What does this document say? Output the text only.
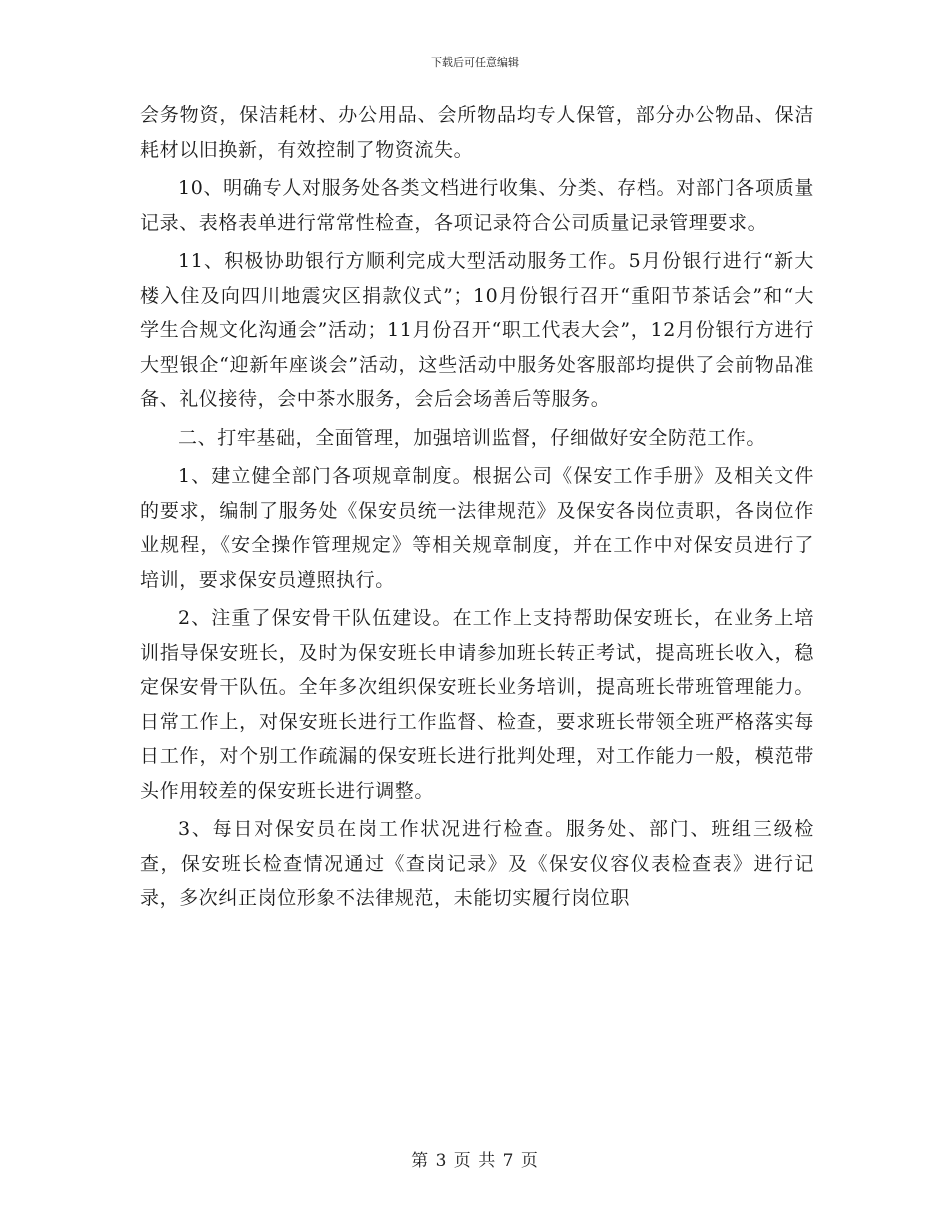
下载后可任意编辑

会务物资，保洁耗材、办公用品、会所物品均专人保管，部分办公物品、保洁耗材以旧换新，有效控制了物资流失。

10、明确专人对服务处各类文档进行收集、分类、存档。对部门各项质量记录、表格表单进行常常性检查，各项记录符合公司质量记录管理要求。

11、积极协助银行方顺利完成大型活动服务工作。5月份银行进行“新大楼入住及向四川地震灾区捐款仪式”；10月份银行召开“重阳节茶话会”和“大学生合规文化沟通会”活动；11月份召开“职工代表大会”，12月份银行方进行大型银企“迎新年座谈会”活动，这些活动中服务处客服部均提供了会前物品准备、礼仪接待，会中茶水服务，会后会场善后等服务。

二、打牢基础，全面管理，加强培训监督，仔细做好安全防范工作。

1、建立健全部门各项规章制度。根据公司《保安工作手册》及相关文件的要求，编制了服务处《保安员统一法律规范》及保安各岗位责职，各岗位作业规程，《安全操作管理规定》等相关规章制度，并在工作中对保安员进行了培训，要求保安员遵照执行。

2、注重了保安骨干队伍建设。在工作上支持帮助保安班长，在业务上培训指导保安班长，及时为保安班长申请参加班长转正考试，提高班长收入，稳定保安骨干队伍。全年多次组织保安班长业务培训，提高班长带班管理能力。日常工作上，对保安班长进行工作监督、检查，要求班长带领全班严格落实每日工作，对个别工作疏漏的保安班长进行批判处理，对工作能力一般，模范带头作用较差的保安班长进行调整。

3、每日对保安员在岗工作状况进行检查。服务处、部门、班组三级检查，保安班长检查情况通过《查岗记录》及《保安仪容仪表检查表》进行记录，多次纠正岗位形象不法律规范，未能切实履行岗位职

第 3 页 共 7 页
